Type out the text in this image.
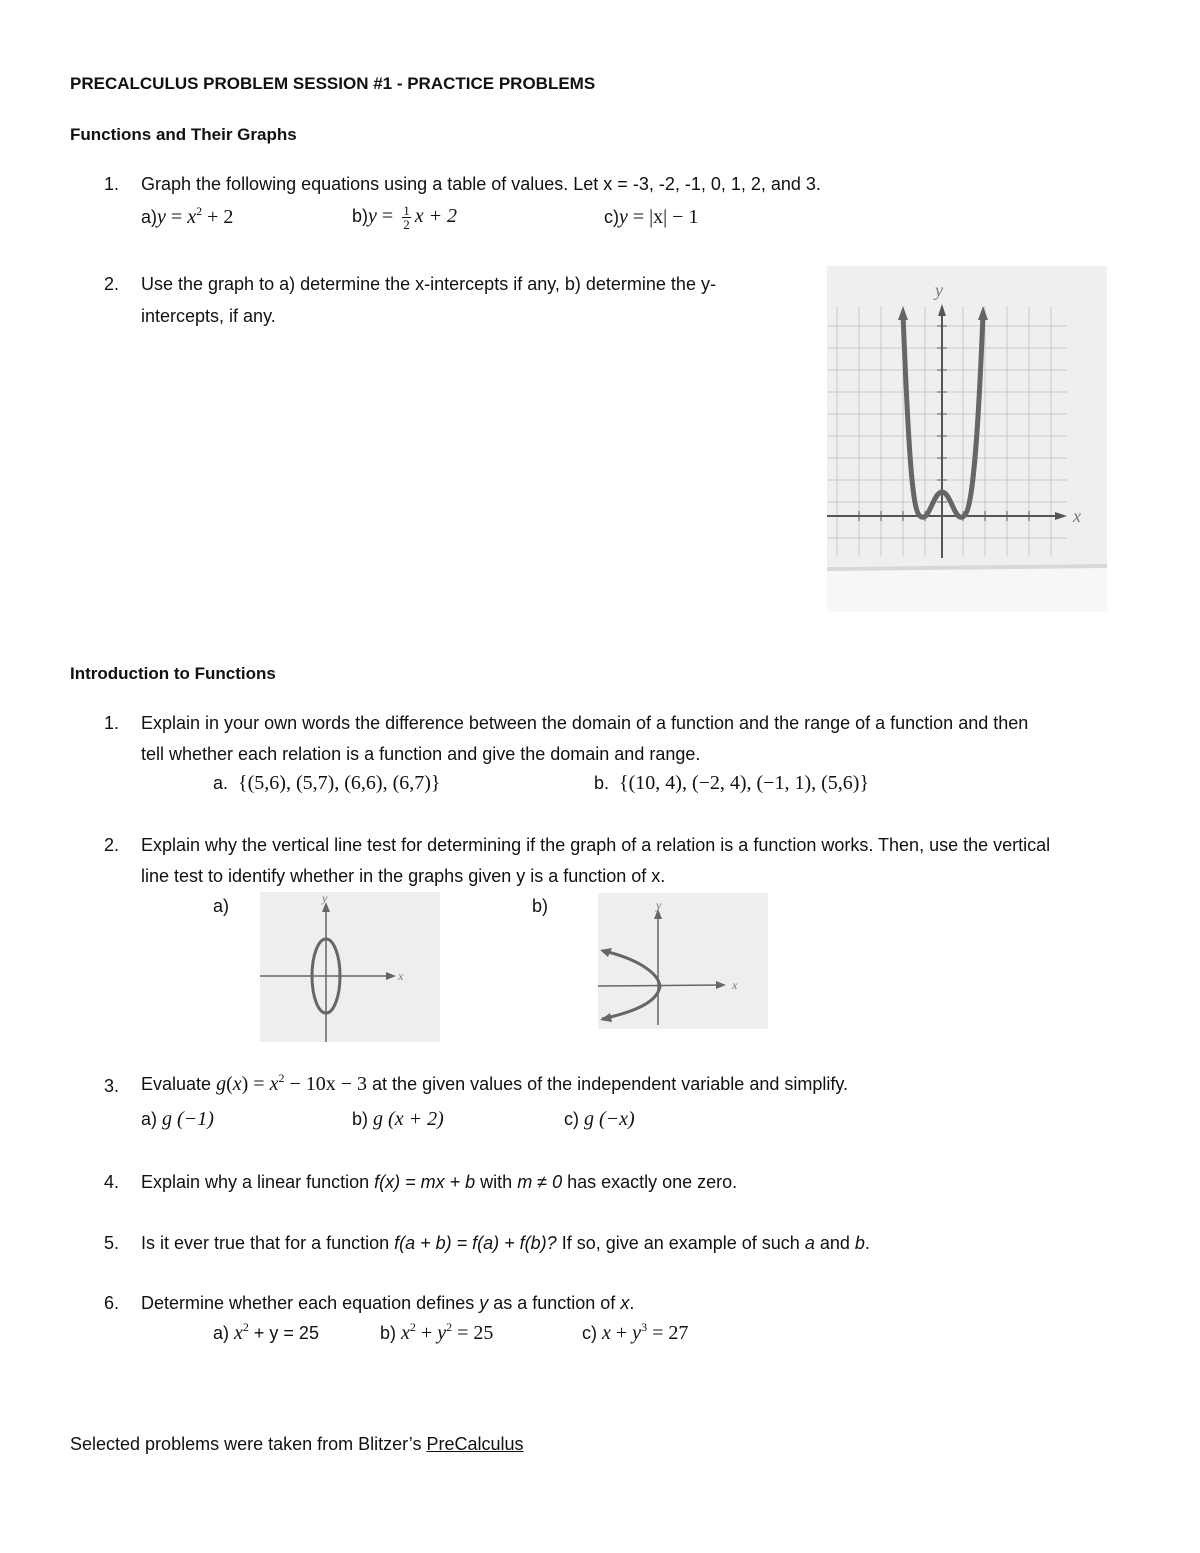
PRECALCULUS PROBLEM SESSION #1 - PRACTICE PROBLEMS
Functions and Their Graphs
1. Graph the following equations using a table of values. Let x = -3, -2, -1, 0, 1, 2, and 3.
$a)y = x^2 + 2$	$b)y = \frac{1}{2}$ x + 2	c)y = |x| − 1
2. Use the graph to a) determine the x-intercepts if any, b) determine the y-
intercepts, if any.
y
x
Introduction to Functions
1. Explain in your own words the difference between the domain of a function and the range of a function and then
tell whether each relation is a function and give the domain and range.
a. {(5,6), (5,7), (6,6), (6,7)}	b. {(10, 4), (−2, 4), (−1, 1), (5,6)}
2. Explain why the vertical line test for determining if the graph of a relation is a function works. Then, use the vertical
line test to identify whether in the graphs given y is a function of x.
a)	b)
y
x
y
x
3. Evaluate $g(x) = x^2 - 10x - 3$ at the given values of the independent variable and simplify.
a) g (−1)	b) g (x + 2)	c) g (−x)
4. Explain why a linear function f(x) = mx + b with m ≠ 0 has exactly one zero.
5. Is it ever true that for a function f(a + b) = f(a) + f(b)? If so, give an example of such a and b.
6. Determine whether each equation defines y as a function of x.
a) $x^2 + y = 25$	b) $x^2 + y^2 = 25$	c) $x + y^3 = 27$
Selected problems were taken from Blitzer’s PreCalculus
